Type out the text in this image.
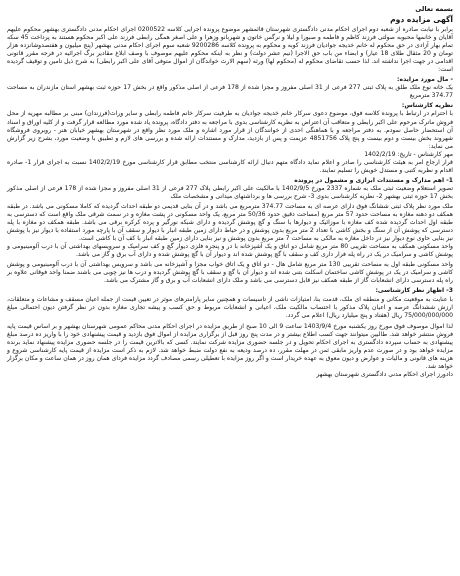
بسمه تعالی

آگهی مزایده دوم

برابر با نیابت صادره از شعبه دوم اجرای احکام مدنی دادگستری شهرستان قائمشهر موضوع پرونده اجرایی کلاسه 0200522 اجرای احکام مدنی دادگستری بهشهر محکوم علیهم آقایان و خانمها محبوبه صولتی فرزند کاظم و فاطمه و صبورا و لیلا و نرگس خاتون و شهربانو وزهرا و علی اصغر همگی رابطی فرزند علی اکبر محکوم هستند به پرداخت 45 سکه تمام بهار آزادی در حق محکوم له خانم خدیجه جوادیان فرزند کوبه و محکوم به پرونده کلاسه 9200286 شعبه سوم اجرای احکام مدنی بهشهر (پنج میلیون و هفتصدوشانزده هزار تومان و 20 مثقال طلای 18 عیار) و ابضاء من باب حق الاجرا (نیم عشر دولت) و نظر به اینکه محکوم علیهم موصوف با وصف ابلاغ مقادیر برگ اجرائیه در فرجه مقرر قانونی اقدامی در جهت اجرا نداشته اند. لذا حسب تقاضای محکوم له (محکوم لها) ورثه (سهم الارث خواندگان از اموال متوفی آقای علی اکبر رابطی) به شرح ذیل تامین و توقیف گردیده است:

- مال مورد مزایده:

یک خانه نوع ملک طلق به پلاک ثبتی 277 فرعی از 31 اصلی مفروز و مجزا شده از 178 فرعی از اصلی مذکور واقع در بخش 17 حوزه ثبت بهشهر استان مازندران به مساحت 374.77 مترمربع

نظریه کارشناس:

با احترام در ارتباط با پرونده کلاسه فوق، موضوع دعوی سرکار خانم خدیجه جوادیان به طرفیت سرکار خانم فاطمه رابطی و سایر وراث(فرزندان) مبنی بر مطالبه مهریه از محل فروش ماترک مرحوم علی اکبر رابطی و متعاقب آن اعتراض به نظریه کارشناسی بدوی با مراجعه به دفتر دادگاه، پرونده یاد شده مورد مطالعه قرار گرفت و از کلیه اوراق و اسناد آن استحضار حاصل نمودم. به دفتر مراجعه و با هماهنگی احدی از خوانندگان از قرار مورد اشاره و ملک مورد نظر واقع در شهرستان بهشهر خیابان هنر - روبروی فروشگاه شهروند بخش بیست و دوم بیست و پنج پلاک 4851756 عزیمت و پس از بازدید، مدارک و مستندات ارائه شده و بررسی های لازم و تطبیق با وضعیت مورد، بشرح زیر گزارش می نماید:

مهر کارشناس - تاریخ: 1402/2/19

قرار ارجاع امر به هیئت کارشناسی را صادر و اعلام نماید دادگاه متهم دنبال ارائه کارشناسی منتخب مطابق قرار کارشناسی مورخ 1402/2/19 نسبت به اجرای قرار 1- صادره اقدام و نظریه کتبی و مستدل خویش را تسلیم نمایند.

1- اهم مدارک و مستندات ابرازی و مشمول در پرونده

تصویر استعلام وضعیت ثبتی ملک به شماره 2337 مورخ 1402/9/5 با مالکیت علی اکبر رابطی پلاک 277 فرعی از 31 اصلی مفروز و مجزا شده از 178 فرعی از اصلی مذکور بخش 17 حوزه ثبتی بهشهر 2- نظریه کارشناسی بدوی 3- شرح بررسی ها و برداشتهای میدانی و مشخصات ملک

ملک مورد نظر پلاک ثبتی ششانگ فوق دارای عرصه ای به مساحت 374.77 مترمربع می باشد و در آن بنایی قدیمی دو طبقه احداث گردیده که کاملا مسکونی می باشد. در طبقه همکف دو دهنه مغازه به مساحت حدود 57 متر مربع (مساحت دقیق حدود 50/36 متر مربع، یک واحد مسکونی در پشت مغازه و در سمت شرقی ملک واقع است که دسترسی به طبقه اول احداث گردیده شده کف مغازه با موزائیک و دیوارها با سنگ و گچ پوشش گردیده و دارای شبکه نورگیر و پرده کرکره برقی می باشد. طبقه همکف دو مغازه با پله دسترسی که پوشش آن از سنگ و بخش کاشی با تعداد 2 متر مربع بدون پوشش و در حیاط دارای زمین طبقه انبار با دیوار و سقف آن با پارچه مورد استفاده با دیوار نیز با پوشش نیز بنایی حاوی نوع دیوار نیز در داخل مغازه به مالکی به مساحت 7 متر مربع بدون پوشش و نیز بنایی دارای زمین طبقه انبار با کف آن با کاشی است.

واحد مسکونی همکف به مساحت تقریبی 80 متر مربع شامل دو اتاق و یک آشپزخانه با در و پنجره فلزی دیوار گچ و کف سرامیک و سرویسهای بهداشتی آن با درب آلومینیومی و پوشش کاشی و سرامیک در یک در راه پله فرار داری کف و سقف با گچ پوشش شده اند و دیوار آن با گچ پوشش شده و دارای آب برق و گاز می باشد.

واحد مسکونی طبقه اول به مساحت تقریبی 130 متر مربع شامل هال - دو اتاق و یک اتاق خواب مجزا و آشپزخانه می باشد و سرویس بهداشتی آن با درب آلومینیومی و پوشش کاشی و سرامیک در یک در پوشش کاشی ساختمان اسکلت بتنی شده اند و دیوار آن با گچ و سقف با گچ پوشش گردیده و درب ها نیز چوبی می باشند ضمنا واحد فوقانی علاوه بر راه پله دسترسی دارای انشعابات گاز از طبقه همکف نیز قابل دسترسی می باشد و ملک دارای انشعابات آب و برق و گاز مشترک می باشد.

3- اظهار نظر کارشناسی:

با عنایت به موقعیت مکانی و منطقه ای ملک، قدمت بنا، امتیازات ناشی از تاسیسات و همچنین سایر پارامترهای موثر در تعیین قیمت از جمله اعیان مسقف و مشاعات و متعلقات، ارزش ششدانگ عرصه و اعیان پلاک مذکور با احتساب مالکیت ملک، اعیانی و انشعابات مربوط و حق کسب و پیشه تجاری مغازه بدون در نظر گرفتن دیون احتمالی مبلغ 75/000/000/000 ریال (هفتاد و پنج میلیارد ریال) اعلام می گردد.

لذا اموال موصوف فوق مورخ روز یکشنبه مورخ 1403/9/4 ساعت 9 الی 10 صبح از طریق مزایده در اجرای احکام مدنی محاکم عمومی شهرستان بهشهر و بر اساس قیمت پایه فروش منتشر خواهد شد. طالبین میتوانند جهت کسب اطلاع بیشتر و در مدت پنج روز قبل از برگزاری مزایده از اموال فوق بازدید و قیمت پیشنهادی خود را با واریز ده درصد مبلغ پیشنهادی به حساب سپرده دادگستری به اجرای احکام تحویل و در جلسه حضوری مزایده شرکت نمایند. کسی که بالاترین قیمت را در جلسه حضوری مزایده پیشنهاد نماید برنده مزایده خواهد بود و در صورت عدم واریز مابقی ثمن در مهلت مقرر، ده درصد ودیعه به نفع دولت ضبط خواهد شد. لازم به ذکر است مزایده از قیمت پایه کارشناسی شروع و هزینه های قانونی و مالیات و عوارض و دیون معوق به عهده خریدار است و اگر روز مزایده با تعطیلی رسمی مصادف گردد مزایده فردای همان روز در همان ساعت و مکان برگزار خواهد شد.

دادورز اجرای احکام مدنی دادگستری شهرستان بهشهر
